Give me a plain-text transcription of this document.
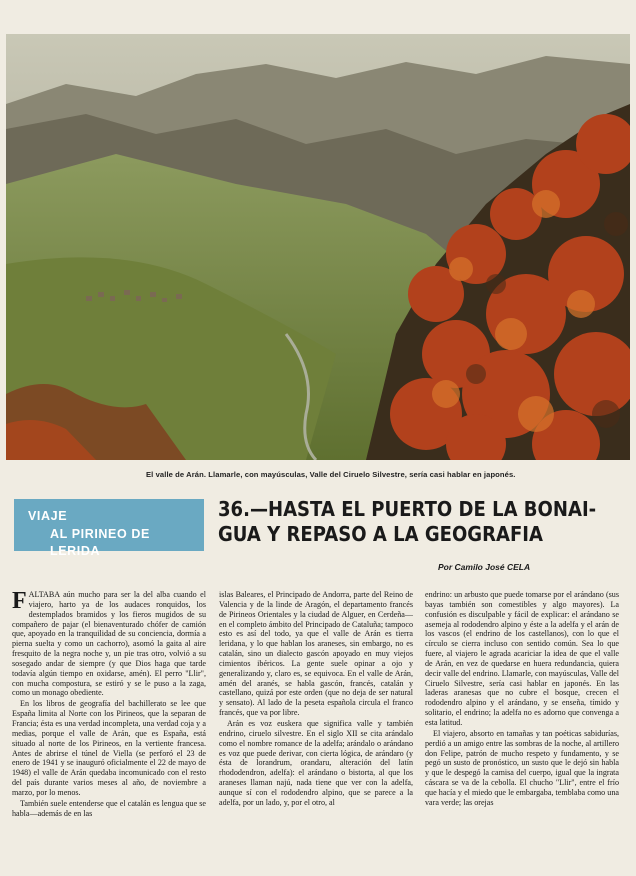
El valle de Arán. Llamarle, con mayúsculas, Valle del Ciruelo Silvestre, sería casi hablar en japonés.
VIAJE
AL PIRINEO DE LERIDA
36.—HASTA EL PUERTO DE LA BONAI-
GUA Y REPASO A LA GEOGRAFIA
Por Camilo José CELA

FALTABA aún mucho para ser la del alba cuando el viajero, harto ya de los audaces ronquidos, los destemplados bramidos y los fieros mugidos de su compañero de pajar (el bienaventurado chófer de camión que, apoyado en la tranquilidad de su conciencia, dormía a pierna suelta y como un cachorro), asomó la gaita al aire fresquito de la negra noche y, un pie tras otro, volvió a su sosegado andar de siempre (y que Dios haga que tarde todavía algún tiempo en oxidarse, amén). El perro "Llir", con mucha compostura, se estiró y se le puso a la zaga, como un monago obediente.

En los libros de geografía del bachillerato se lee que España limita al Norte con los Pirineos, que la separan de Francia; ésta es una verdad incompleta, una verdad coja y a medias, porque el valle de Arán, que es España, está situado al norte de los Pirineos, en la vertiente francesa. Antes de abrirse el túnel de Viella (se perforó el 23 de enero de 1941 y se inauguró oficialmente el 22 de mayo de 1948) el valle de Arán quedaba incomunicado con el resto del país durante varios meses al año, de noviembre a marzo, por lo menos.

También suele entenderse que el catalán es lengua que se habla—además de en las

islas Baleares, el Principado de Andorra, parte del Reino de Valencia y de la linde de Aragón, el departamento francés de Pirineos Orientales y la ciudad de Alguer, en Cerdeña—en el completo ámbito del Principado de Cataluña; tampoco esto es así del todo, ya que el valle de Arán es tierra leridana, y lo que hablan los araneses, sin embargo, no es catalán, sino un dialecto gascón apoyado en muy viejos cimientos ibéricos. La gente suele opinar a ojo y generalizando y, claro es, se equivoca. En el valle de Arán, amén del aranés, se habla gascón, francés, catalán y castellano, quizá por este orden (que no deja de ser natural y sensato). Al lado de la peseta española circula el franco francés, que va por libre.

Arán es voz euskera que significa valle y también endrino, ciruelo silvestre. En el siglo XII se cita arándalo como el nombre romance de la adelfa; arándalo o arándano es voz que puede derivar, con cierta lógica, de arándaro (y ésta de lorandrum, orandaru, alteración del latín rhododendron, adelfa): el arándano o bistorta, al que los araneses llaman najú, nada tiene que ver con la adelfa, aunque sí con el rododendro alpino, que se parece a la adelfa, por un lado, y, por el otro, al

endrino: un arbusto que puede tomarse por el arándano (sus bayas también son comestibles y algo mayores). La confusión es disculpable y fácil de explicar: el arándano se asemeja al rododendro alpino y éste a la adelfa y el arán de los vascos (el endrino de los castellanos), con lo que el círculo se cierra incluso con sentido común. Sea lo que fuere, al viajero le agrada acariciar la idea de que el valle de Arán, en vez de quedarse en huera redundancia, quiera decir valle del endrino. Llamarle, con mayúsculas, Valle del Ciruelo Silvestre, sería casi hablar en japonés. En las laderas aranesas que no cubre el bosque, crecen el rododendro alpino y el arándano, y se enseña, tímido y solitario, el endrino; la adelfa no es adorno que convenga a esta latitud.

El viajero, absorto en tamañas y tan poéticas sabidurías, perdió a un amigo entre las sombras de la noche, al artillero don Felipe, patrón de mucho respeto y fundamento, y se pegó un susto de pronóstico, un susto que le dejó sin habla y que le despegó la camisa del cuerpo, igual que la ingrata cáscara se va de la cebolla. El chucho "Llir", entre el frío que hacía y el miedo que le embargaba, temblaba como una vara verde; las orejas
